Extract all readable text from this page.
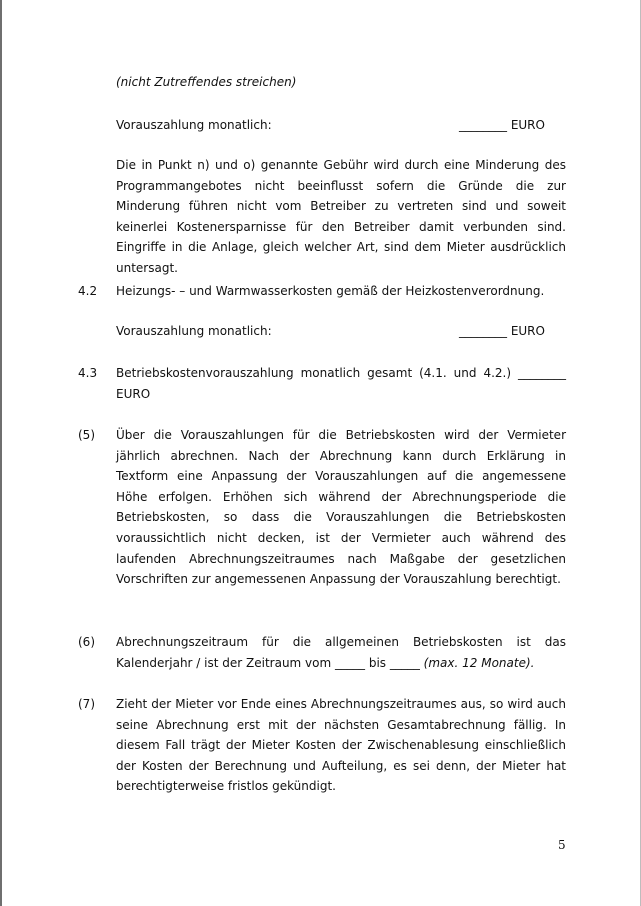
(nicht Zutreffendes streichen)
Vorauszahlung monatlich:	________ EURO
Die in Punkt n) und o) genannte Gebühr wird durch eine Minderung des Programmangebotes nicht beeinflusst sofern die Gründe die zur Minderung führen nicht vom Betreiber zu vertreten sind und soweit keinerlei Kostenersparnisse für den Betreiber damit verbunden sind. Eingriffe in die Anlage, gleich welcher Art, sind dem Mieter ausdrücklich untersagt.
4.2 Heizungs- – und Warmwasserkosten gemäß der Heizkostenverordnung.
Vorauszahlung monatlich:	________ EURO
4.3 Betriebskostenvorauszahlung monatlich gesamt (4.1. und 4.2.) ________ EURO
(5) Über die Vorauszahlungen für die Betriebskosten wird der Vermieter jährlich abrechnen. Nach der Abrechnung kann durch Erklärung in Textform eine Anpassung der Vorauszahlungen auf die angemessene Höhe erfolgen. Erhöhen sich während der Abrechnungsperiode die Betriebskosten, so dass die Vorauszahlungen die Betriebskosten voraussichtlich nicht decken, ist der Vermieter auch während des laufenden Abrechnungszeitraumes nach Maßgabe der gesetzlichen Vorschriften zur angemessenen Anpassung der Vorauszahlung berechtigt.
(6) Abrechnungszeitraum für die allgemeinen Betriebskosten ist das Kalenderjahr / ist der Zeitraum vom _____ bis _____ (max. 12 Monate).
(7) Zieht der Mieter vor Ende eines Abrechnungszeitraumes aus, so wird auch seine Abrechnung erst mit der nächsten Gesamtabrechnung fällig. In diesem Fall trägt der Mieter Kosten der Zwischenablesung einschließlich der Kosten der Berechnung und Aufteilung, es sei denn, der Mieter hat berechtigterweise fristlos gekündigt.
5
